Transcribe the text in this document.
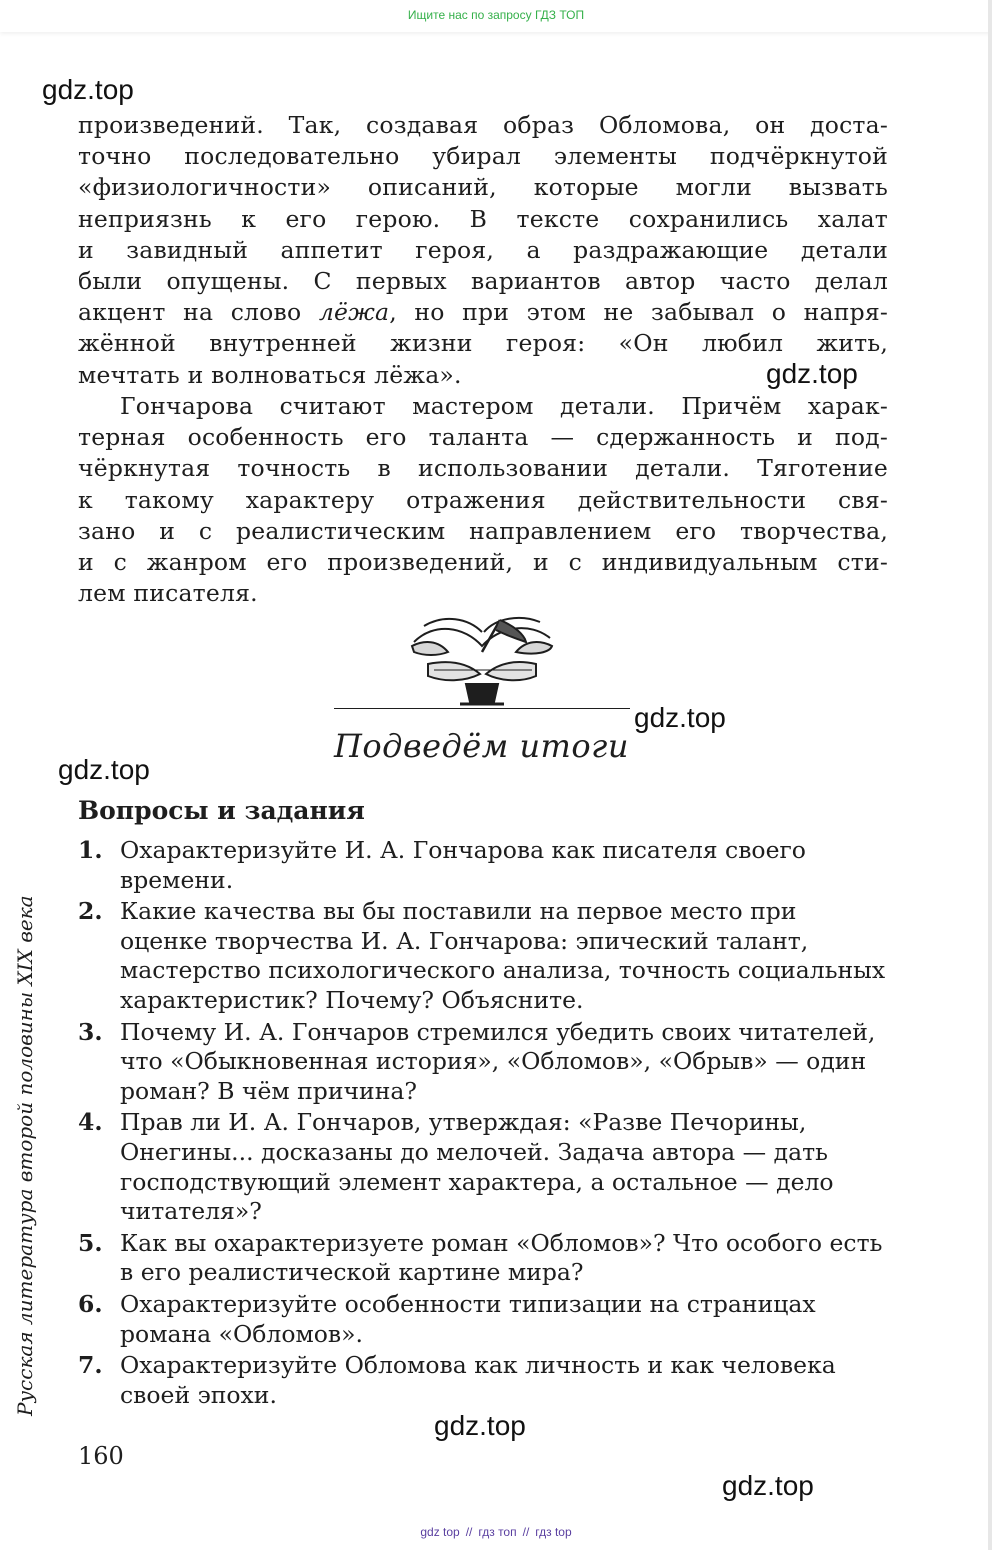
Ищите нас по запросу ГДЗ ТОП
gdz.top
gdz.top
gdz.top
gdz.top
gdz.top
gdz.top
произведений. Так, создавая образ Обломова, он доста-
точно последовательно убирал элементы подчёркнутой
«физиологичности» описаний, которые могли вызвать
неприязнь к его герою. В тексте сохранились халат
и завидный аппетит героя, а раздражающие детали
были опущены. С первых вариантов автор часто делал
акцент на слово лёжа, но при этом не забывал о напря-
жённой внутренней жизни героя: «Он любил жить,
мечтать и волноваться лёжа».
Гончарова считают мастером детали. Причём харак-
терная особенность его таланта — сдержанность и под-
чёркнутая точность в использовании детали. Тяготение
к такому характеру отражения действительности свя-
зано и с реалистическим направлением его творчества,
и с жанром его произведений, и с индивидуальным сти-
лем писателя.
Подведём итоги
Вопросы и задания
1. Охарактеризуйте И. А. Гончарова как писателя своего времени.
2. Какие качества вы бы поставили на первое место при оценке творчества И. А. Гончарова: эпический талант, мастерство психологического анализа, точность социальных характеристик? Почему? Объясните.
3. Почему И. А. Гончаров стремился убедить своих читателей, что «Обыкновенная история», «Обломов», «Обрыв» — один роман? В чём причина?
4. Прав ли И. А. Гончаров, утверждая: «Разве Печорины, Онегины... досказаны до мелочей. Задача автора — дать господствующий элемент характера, а остальное — дело читателя»?
5. Как вы охарактеризуете роман «Обломов»? Что особого есть в его реалистической картине мира?
6. Охарактеризуйте особенности типизации на страницах романа «Обломов».
7. Охарактеризуйте Обломова как личность и как человека своей эпохи.
Русская литература второй половины XIX века
160
gdz top // гдз топ // гдз top
